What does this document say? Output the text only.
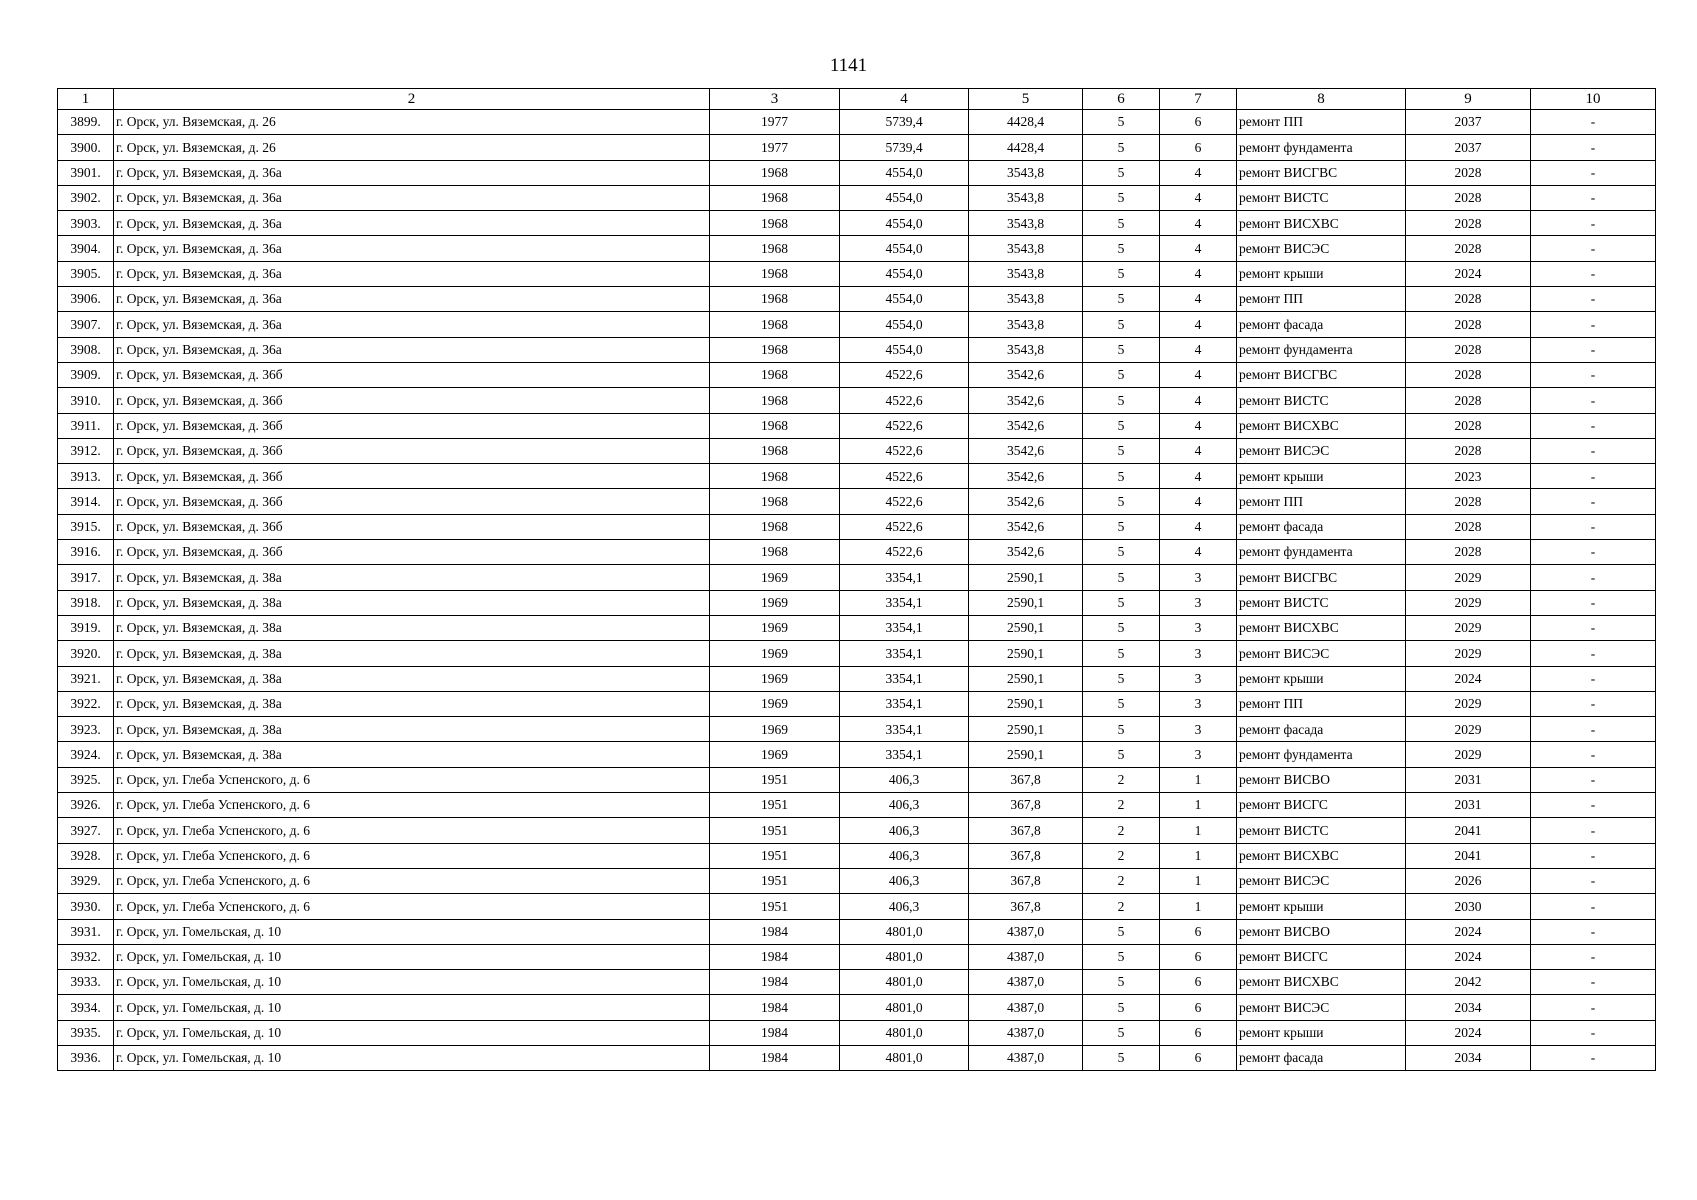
1141
1	2	3	4	5	6	7	8	9	10
3899.	г. Орск, ул. Вяземская, д. 26	1977	5739,4	4428,4	5	6	ремонт ПП	2037	-
3900.	г. Орск, ул. Вяземская, д. 26	1977	5739,4	4428,4	5	6	ремонт фундамента	2037	-
3901.	г. Орск, ул. Вяземская, д. 36а	1968	4554,0	3543,8	5	4	ремонт ВИСГВС	2028	-
3902.	г. Орск, ул. Вяземская, д. 36а	1968	4554,0	3543,8	5	4	ремонт ВИСТС	2028	-
3903.	г. Орск, ул. Вяземская, д. 36а	1968	4554,0	3543,8	5	4	ремонт ВИСХВС	2028	-
3904.	г. Орск, ул. Вяземская, д. 36а	1968	4554,0	3543,8	5	4	ремонт ВИСЭС	2028	-
3905.	г. Орск, ул. Вяземская, д. 36а	1968	4554,0	3543,8	5	4	ремонт крыши	2024	-
3906.	г. Орск, ул. Вяземская, д. 36а	1968	4554,0	3543,8	5	4	ремонт ПП	2028	-
3907.	г. Орск, ул. Вяземская, д. 36а	1968	4554,0	3543,8	5	4	ремонт фасада	2028	-
3908.	г. Орск, ул. Вяземская, д. 36а	1968	4554,0	3543,8	5	4	ремонт фундамента	2028	-
3909.	г. Орск, ул. Вяземская, д. 36б	1968	4522,6	3542,6	5	4	ремонт ВИСГВС	2028	-
3910.	г. Орск, ул. Вяземская, д. 36б	1968	4522,6	3542,6	5	4	ремонт ВИСТС	2028	-
3911.	г. Орск, ул. Вяземская, д. 36б	1968	4522,6	3542,6	5	4	ремонт ВИСХВС	2028	-
3912.	г. Орск, ул. Вяземская, д. 36б	1968	4522,6	3542,6	5	4	ремонт ВИСЭС	2028	-
3913.	г. Орск, ул. Вяземская, д. 36б	1968	4522,6	3542,6	5	4	ремонт крыши	2023	-
3914.	г. Орск, ул. Вяземская, д. 36б	1968	4522,6	3542,6	5	4	ремонт ПП	2028	-
3915.	г. Орск, ул. Вяземская, д. 36б	1968	4522,6	3542,6	5	4	ремонт фасада	2028	-
3916.	г. Орск, ул. Вяземская, д. 36б	1968	4522,6	3542,6	5	4	ремонт фундамента	2028	-
3917.	г. Орск, ул. Вяземская, д. 38а	1969	3354,1	2590,1	5	3	ремонт ВИСГВС	2029	-
3918.	г. Орск, ул. Вяземская, д. 38а	1969	3354,1	2590,1	5	3	ремонт ВИСТС	2029	-
3919.	г. Орск, ул. Вяземская, д. 38а	1969	3354,1	2590,1	5	3	ремонт ВИСХВС	2029	-
3920.	г. Орск, ул. Вяземская, д. 38а	1969	3354,1	2590,1	5	3	ремонт ВИСЭС	2029	-
3921.	г. Орск, ул. Вяземская, д. 38а	1969	3354,1	2590,1	5	3	ремонт крыши	2024	-
3922.	г. Орск, ул. Вяземская, д. 38а	1969	3354,1	2590,1	5	3	ремонт ПП	2029	-
3923.	г. Орск, ул. Вяземская, д. 38а	1969	3354,1	2590,1	5	3	ремонт фасада	2029	-
3924.	г. Орск, ул. Вяземская, д. 38а	1969	3354,1	2590,1	5	3	ремонт фундамента	2029	-
3925.	г. Орск, ул. Глеба Успенского, д. 6	1951	406,3	367,8	2	1	ремонт ВИСВО	2031	-
3926.	г. Орск, ул. Глеба Успенского, д. 6	1951	406,3	367,8	2	1	ремонт ВИСГС	2031	-
3927.	г. Орск, ул. Глеба Успенского, д. 6	1951	406,3	367,8	2	1	ремонт ВИСТС	2041	-
3928.	г. Орск, ул. Глеба Успенского, д. 6	1951	406,3	367,8	2	1	ремонт ВИСХВС	2041	-
3929.	г. Орск, ул. Глеба Успенского, д. 6	1951	406,3	367,8	2	1	ремонт ВИСЭС	2026	-
3930.	г. Орск, ул. Глеба Успенского, д. 6	1951	406,3	367,8	2	1	ремонт крыши	2030	-
3931.	г. Орск, ул. Гомельская, д. 10	1984	4801,0	4387,0	5	6	ремонт ВИСВО	2024	-
3932.	г. Орск, ул. Гомельская, д. 10	1984	4801,0	4387,0	5	6	ремонт ВИСГС	2024	-
3933.	г. Орск, ул. Гомельская, д. 10	1984	4801,0	4387,0	5	6	ремонт ВИСХВС	2042	-
3934.	г. Орск, ул. Гомельская, д. 10	1984	4801,0	4387,0	5	6	ремонт ВИСЭС	2034	-
3935.	г. Орск, ул. Гомельская, д. 10	1984	4801,0	4387,0	5	6	ремонт крыши	2024	-
3936.	г. Орск, ул. Гомельская, д. 10	1984	4801,0	4387,0	5	6	ремонт фасада	2034	-
